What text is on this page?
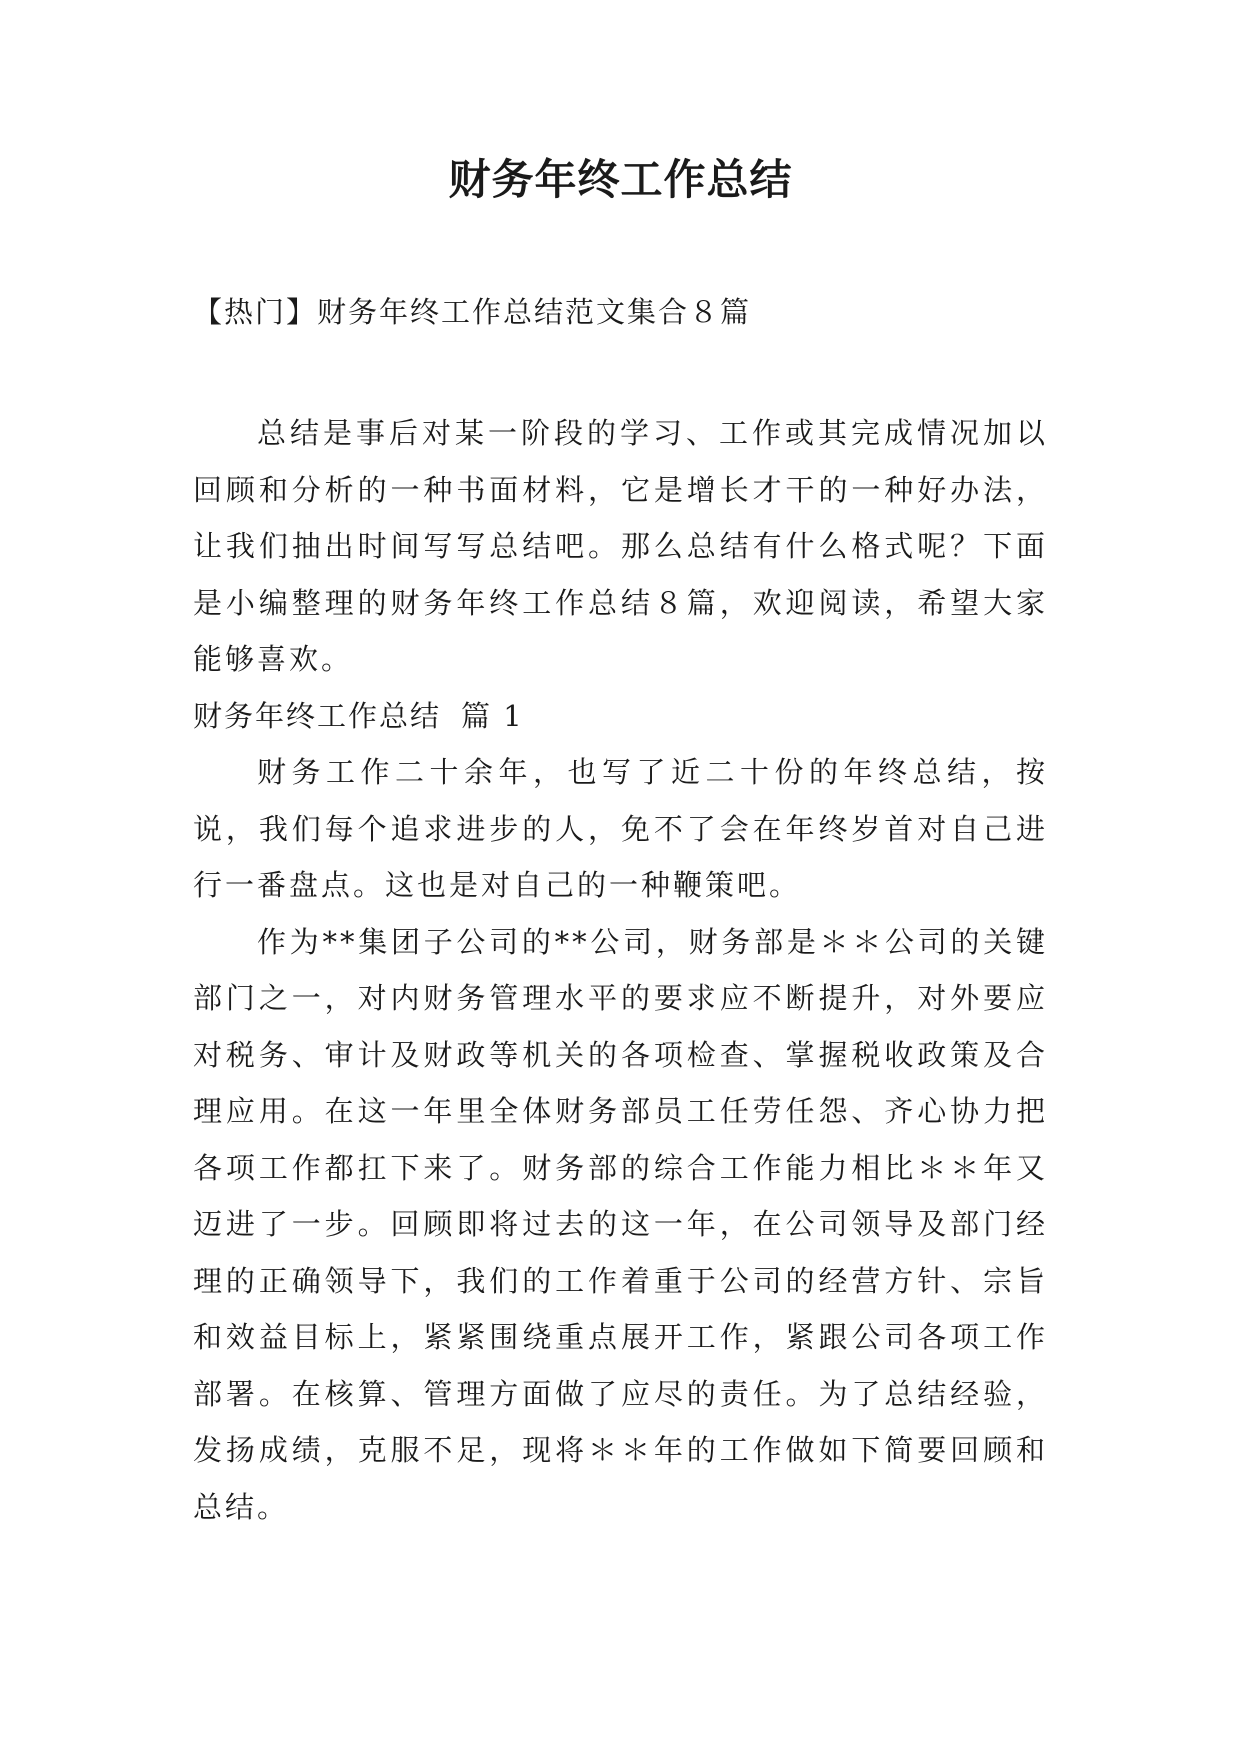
财务年终工作总结
【热门】财务年终工作总结范文集合８篇

总结是事后对某一阶段的学习、工作或其完成情况加以回顾和分析的一种书面材料，它是增长才干的一种好办法，让我们抽出时间写写总结吧。那么总结有什么格式呢？下面是小编整理的财务年终工作总结８篇，欢迎阅读，希望大家能够喜欢。

财务年终工作总结 篇 1

财务工作二十余年，也写了近二十份的年终总结，按说，我们每个追求进步的人，免不了会在年终岁首对自己进行一番盘点。这也是对自己的一种鞭策吧。

作为**集团子公司的**公司，财务部是＊＊公司的关键部门之一，对内财务管理水平的要求应不断提升，对外要应对税务、审计及财政等机关的各项检查、掌握税收政策及合理应用。在这一年里全体财务部员工任劳任怨、齐心协力把各项工作都扛下来了。财务部的综合工作能力相比＊＊年又迈进了一步。回顾即将过去的这一年，在公司领导及部门经理的正确领导下，我们的工作着重于公司的经营方针、宗旨和效益目标上，紧紧围绕重点展开工作，紧跟公司各项工作部署。在核算、管理方面做了应尽的责任。为了总结经验，发扬成绩，克服不足，现将＊＊年的工作做如下简要回顾和总结。
